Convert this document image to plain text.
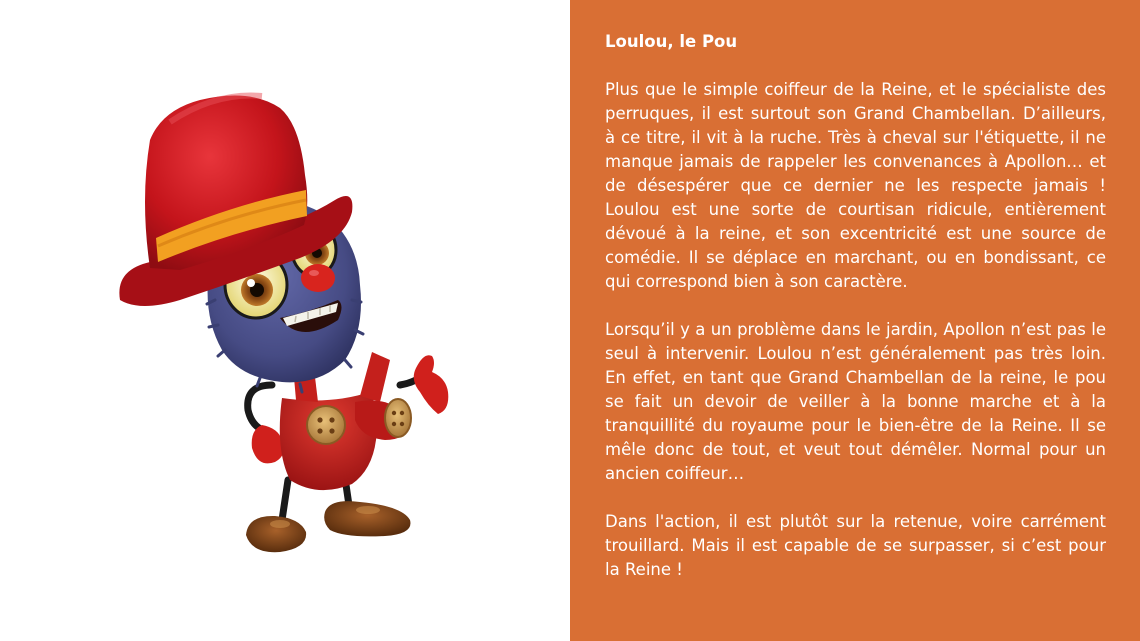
Loulou, le Pou

Plus que le simple coiffeur de la Reine, et le spécialiste des perruques, il est surtout son Grand Chambellan. D’ailleurs, à ce titre, il vit à la ruche. Très à cheval sur l'étiquette, il ne manque jamais de rappeler les convenances à Apollon… et de désespérer que ce dernier ne les respecte jamais ! Loulou est une sorte de courtisan ridicule, entièrement dévoué à la reine, et son excentricité est une source de comédie. Il se déplace en marchant, ou en bondissant, ce qui correspond bien à son caractère.

Lorsqu’il y a un problème dans le jardin, Apollon n’est pas le seul à intervenir. Loulou n’est généralement pas très loin. En effet, en tant que Grand Chambellan de la reine, le pou se fait un devoir de veiller à la bonne marche et à la tranquillité du royaume pour le bien-être de la Reine. Il se mêle donc de tout, et veut tout démêler. Normal pour un ancien coiffeur…

Dans l'action, il est plutôt sur la retenue, voire carrément trouillard. Mais il est capable de se surpasser, si c’est pour la Reine !
